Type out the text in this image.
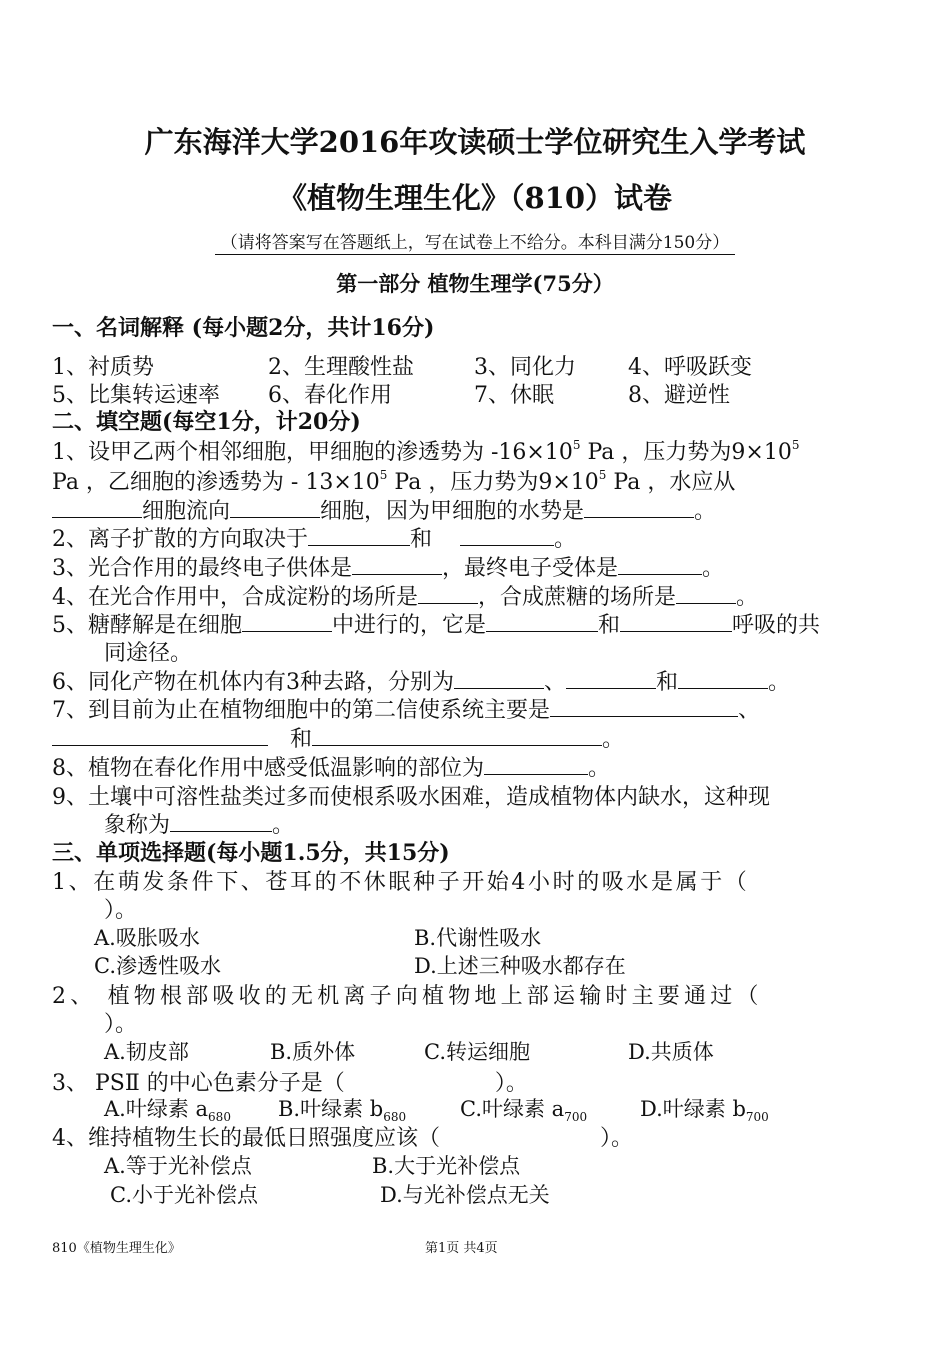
广东海洋大学2016年攻读硕士学位研究生入学考试
《植物生理生化》（810）试卷
（请将答案写在答题纸上，写在试卷上不给分。本科目满分150分）
第一部分 植物生理学(75分）
一、名词解释 (每小题2分，共计16分)
1、衬质势	2、生理酸性盐	3、同化力 4、呼吸跃变
5、比集转运速率 6、春化作用	7、休眠	8、避逆性
二、填空题(每空1分，计20分)
1、设甲乙两个相邻细胞，甲细胞的渗透势为 $-16\times 10^5$ Pa ，压力势为$9\times 10^5$
Pa ，乙细胞的渗透势为 - $13\times 10^5$ Pa ，压力势为$9\times 10^5$ Pa ，水应从
细胞流向	细胞，因为甲细胞的水势是	。
2、离子扩散的方向取决于	和	。
3、光合作用的最终电子供体是	，最终电子受体是	。
4、在光合作用中，合成淀粉的场所是	，合成蔗糖的场所是	。
5、糖酵解是在细胞	中进行的，它是	和	呼吸的共
同途径。
6、同化产物在机体内有3种去路，分别为	、	和	。
7、到目前为止在植物细胞中的第二信使系统主要是	、
和	。
8、植物在春化作用中感受低温影响的部位为	。
9、土壤中可溶性盐类过多而使根系吸水困难，造成植物体内缺水，这种现
象称为	。
三、单项选择题(每小题1.5分，共15分)
1、在萌发条件下、苍耳的不休眠种子开始4小时的吸水是属于（
）。
A.吸胀吸水	B.代谢性吸水
C.渗透性吸水	D.上述三种吸水都存在
2、 植物根部吸收的无机离子向植物地上部运输时主要通过（
）。
A.韧皮部	B.质外体	C.转运细胞	D.共质体
3、 PSⅡ 的中心色素分子是（	）。
A.叶绿素 $a_{680}$ B.叶绿素 $b_{680}$	C.叶绿素 $a_{700}$	D.叶绿素 $b_{700}$
4、维持植物生长的最低日照强度应该（	）。
A.等于光补偿点	B.大于光补偿点
C.小于光补偿点	D.与光补偿点无关
810《植物生理生化》	第1页 共4页
